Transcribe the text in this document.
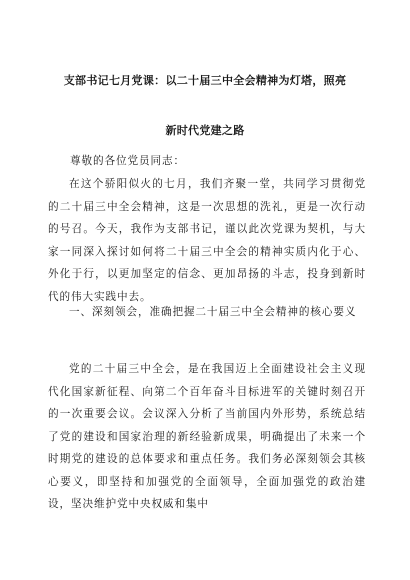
支部书记七月党课：以二十届三中全会精神为灯塔，照亮
新时代党建之路
尊敬的各位党员同志：
在这个骄阳似火的七月，我们齐聚一堂，共同学习贯彻党的二十届三中全会精神，这是一次思想的洗礼，更是一次行动的号召。今天，我作为支部书记，谨以此次党课为契机，与大家一同深入探讨如何将二十届三中全会的精神实质内化于心、外化于行，以更加坚定的信念、更加昂扬的斗志，投身到新时代的伟大实践中去。
一、深刻领会，准确把握二十届三中全会精神的核心要义
党的二十届三中全会，是在我国迈上全面建设社会主义现代化国家新征程、向第二个百年奋斗目标进军的关键时刻召开的一次重要会议。会议深入分析了当前国内外形势，系统总结了党的建设和国家治理的新经验新成果，明确提出了未来一个时期党的建设的总体要求和重点任务。我们务必深刻领会其核心要义，即坚持和加强党的全面领导，全面加强党的政治建设，坚决维护党中央权威和集中
